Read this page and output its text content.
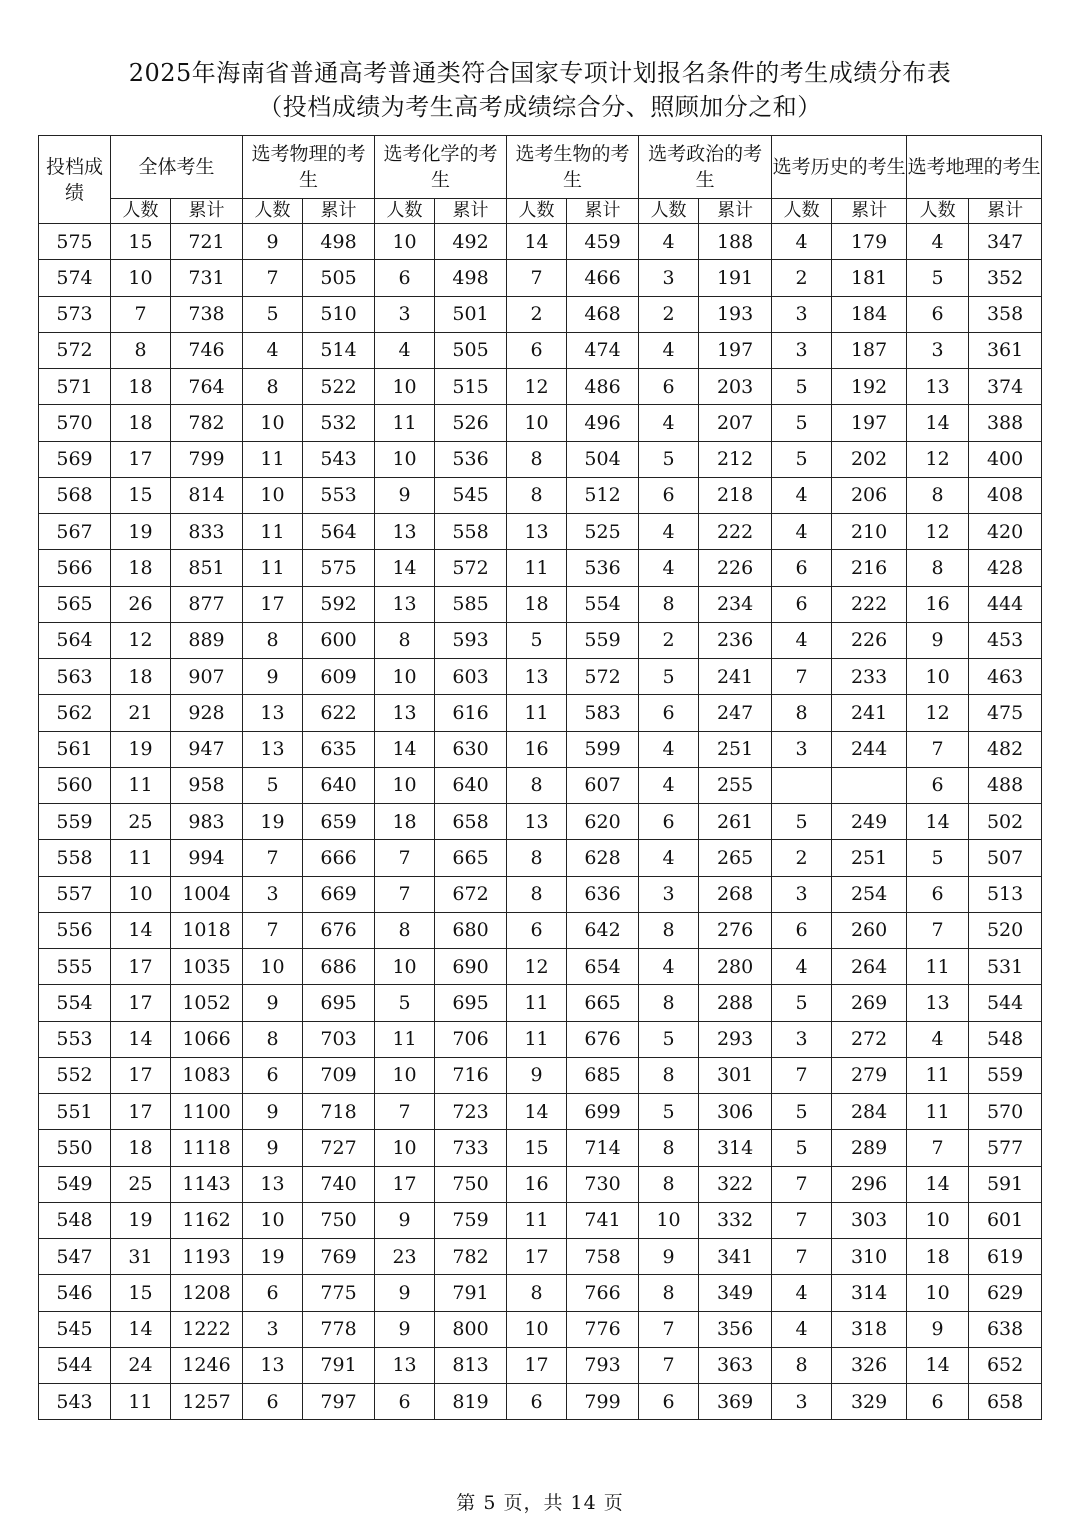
2025年海南省普通高考普通类符合国家专项计划报名条件的考生成绩分布表
（投档成绩为考生高考成绩综合分、照顾加分之和）
投档成绩	全体考生		选考物理的考生		选考化学的考生		选考生物的考生		选考政治的考生		选考历史的考生		选考地理的考生	
	人数	累计	人数	累计	人数	累计	人数	累计	人数	累计	人数	累计	人数	累计
575	15	721	9	498	10	492	14	459	4	188	4	179	4	347
574	10	731	7	505	6	498	7	466	3	191	2	181	5	352
573	7	738	5	510	3	501	2	468	2	193	3	184	6	358
572	8	746	4	514	4	505	6	474	4	197	3	187	3	361
571	18	764	8	522	10	515	12	486	6	203	5	192	13	374
570	18	782	10	532	11	526	10	496	4	207	5	197	14	388
569	17	799	11	543	10	536	8	504	5	212	5	202	12	400
568	15	814	10	553	9	545	8	512	6	218	4	206	8	408
567	19	833	11	564	13	558	13	525	4	222	4	210	12	420
566	18	851	11	575	14	572	11	536	4	226	6	216	8	428
565	26	877	17	592	13	585	18	554	8	234	6	222	16	444
564	12	889	8	600	8	593	5	559	2	236	4	226	9	453
563	18	907	9	609	10	603	13	572	5	241	7	233	10	463
562	21	928	13	622	13	616	11	583	6	247	8	241	12	475
561	19	947	13	635	14	630	16	599	4	251	3	244	7	482
560	11	958	5	640	10	640	8	607	4	255			6	488
559	25	983	19	659	18	658	13	620	6	261	5	249	14	502
558	11	994	7	666	7	665	8	628	4	265	2	251	5	507
557	10	1004	3	669	7	672	8	636	3	268	3	254	6	513
556	14	1018	7	676	8	680	6	642	8	276	6	260	7	520
555	17	1035	10	686	10	690	12	654	4	280	4	264	11	531
554	17	1052	9	695	5	695	11	665	8	288	5	269	13	544
553	14	1066	8	703	11	706	11	676	5	293	3	272	4	548
552	17	1083	6	709	10	716	9	685	8	301	7	279	11	559
551	17	1100	9	718	7	723	14	699	5	306	5	284	11	570
550	18	1118	9	727	10	733	15	714	8	314	5	289	7	577
549	25	1143	13	740	17	750	16	730	8	322	7	296	14	591
548	19	1162	10	750	9	759	11	741	10	332	7	303	10	601
547	31	1193	19	769	23	782	17	758	9	341	7	310	18	619
546	15	1208	6	775	9	791	8	766	8	349	4	314	10	629
545	14	1222	3	778	9	800	10	776	7	356	4	318	9	638
544	24	1246	13	791	13	813	17	793	7	363	8	326	14	652
543	11	1257	6	797	6	819	6	799	6	369	3	329	6	658
第 5 页，共 14 页
